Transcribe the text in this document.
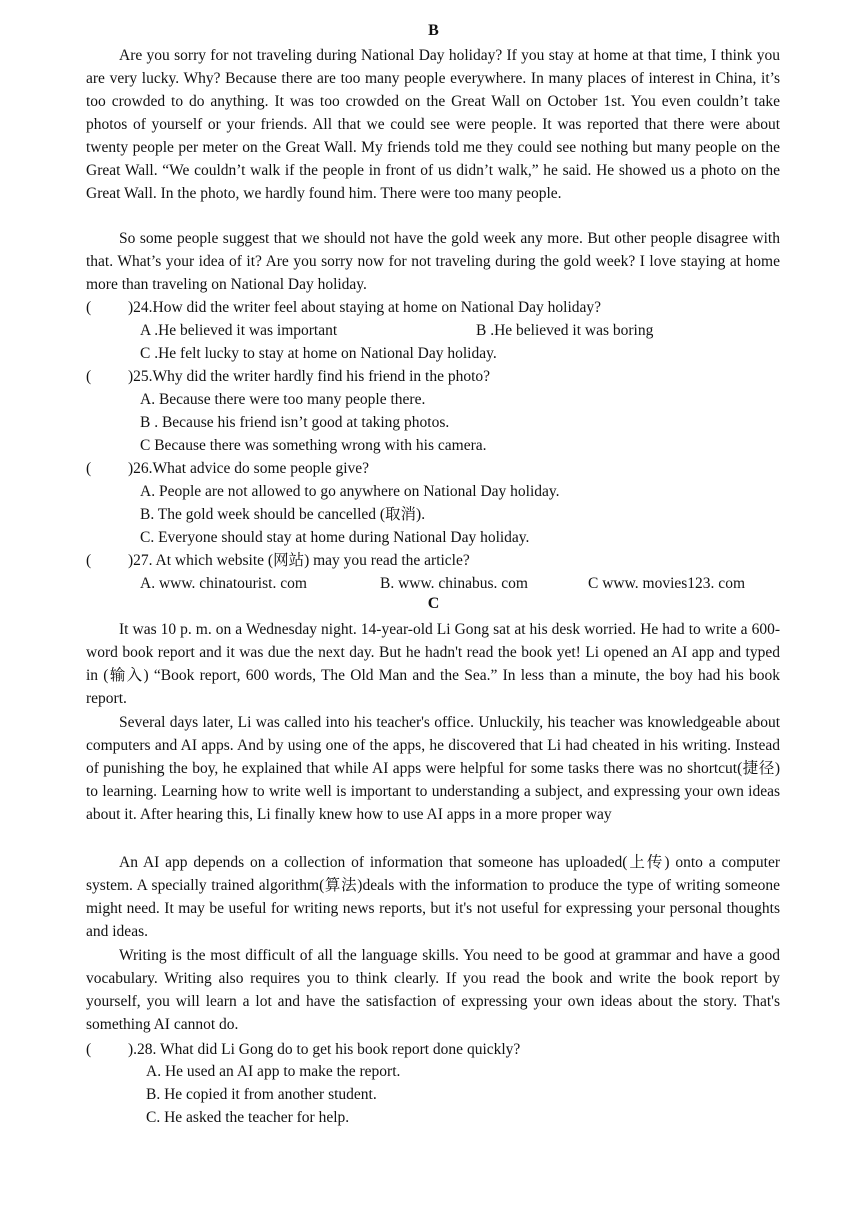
B

Are you sorry for not traveling during National Day holiday? If you stay at home at that time, I think you are very lucky. Why? Because there are too many people everywhere. In many places of interest in China, it’s too crowded to do anything. It was too crowded on the Great Wall on October 1st. You even couldn’t take photos of yourself or your friends. All that we could see were people. It was reported that there were about twenty people per meter on the Great Wall. My friends told me they could see nothing but many people on the Great Wall. “We couldn’t walk if the people in front of us didn’t walk,” he said. He showed us a photo on the Great Wall. In the photo, we hardly found him. There were too many people.

So some people suggest that we should not have the gold week any more. But other people disagree with that. What’s your idea of it? Are you sorry now for not traveling during the gold week? I love staying at home more than traveling on National Day holiday.

( )24.How did the writer feel about staying at home on National Day holiday?
A .He believed it was important	B .He believed it was boring
C .He felt lucky to stay at home on National Day holiday.
( )25.Why did the writer hardly find his friend in the photo?
A. Because there were too many people there.
B . Because his friend isn’t good at taking photos.
C Because there was something wrong with his camera.
( )26.What advice do some people give?
A. People are not allowed to go anywhere on National Day holiday.
B. The gold week should be cancelled (取消).
C. Everyone should stay at home during National Day holiday.
( )27. At which website (网站) may you read the article?
A. www. chinatourist. com	B. www. chinabus. com	C www. movies123. com
C

It was 10 p. m. on a Wednesday night. 14-year-old Li Gong sat at his desk worried. He had to write a 600-word book report and it was due the next day. But he hadn't read the book yet! Li opened an AI app and typed in (输入) “Book report, 600 words, The Old Man and the Sea.” In less than a minute, the boy had his book report.

Several days later, Li was called into his teacher's office. Unluckily, his teacher was knowledgeable about computers and AI apps. And by using one of the apps, he discovered that Li had cheated in his writing. Instead of punishing the boy, he explained that while AI apps were helpful for some tasks there was no shortcut(捷径) to learning. Learning how to write well is important to understanding a subject, and expressing your own ideas about it. After hearing this, Li finally knew how to use AI apps in a more proper way

An AI app depends on a collection of information that someone has uploaded(上传) onto a computer system. A specially trained algorithm(算法)deals with the information to produce the type of writing someone might need. It may be useful for writing news reports, but it's not useful for expressing your personal thoughts and ideas.

Writing is the most difficult of all the language skills. You need to be good at grammar and have a good vocabulary. Writing also requires you to think clearly. If you read the book and write the book report by yourself, you will learn a lot and have the satisfaction of expressing your own ideas about the story. That's something AI cannot do.

( ).28. What did Li Gong do to get his book report done quickly?
A. He used an AI app to make the report.
B. He copied it from another student.
C. He asked the teacher for help.
